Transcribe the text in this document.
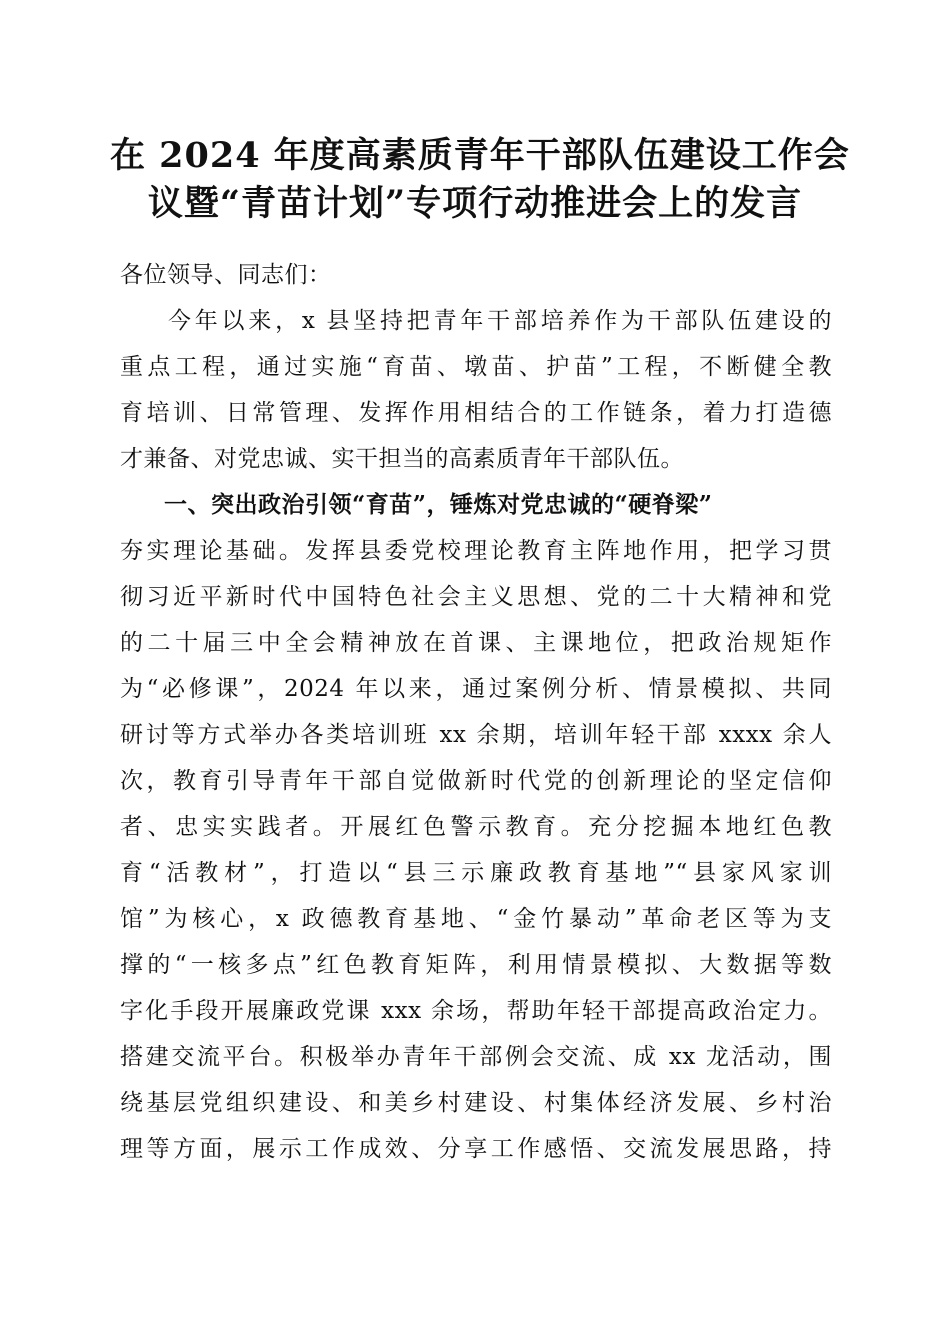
在 2024 年度高素质青年干部队伍建设工作会
议暨“青苗计划”专项行动推进会上的发言
各位领导、同志们：
今年以来，x 县坚持把青年干部培养作为干部队伍建设的
重点工程，通过实施“育苗、墩苗、护苗”工程，不断健全教
育培训、日常管理、发挥作用相结合的工作链条，着力打造德
才兼备、对党忠诚、实干担当的高素质青年干部队伍。
一、突出政治引领“育苗”，锤炼对党忠诚的“硬脊梁”
夯实理论基础。发挥县委党校理论教育主阵地作用，把学习贯
彻习近平新时代中国特色社会主义思想、党的二十大精神和党
的二十届三中全会精神放在首课、主课地位，把政治规矩作
为“必修课”，2024 年以来，通过案例分析、情景模拟、共同
研讨等方式举办各类培训班 xx 余期，培训年轻干部 xxxx 余人
次，教育引导青年干部自觉做新时代党的创新理论的坚定信仰
者、忠实实践者。开展红色警示教育。充分挖掘本地红色教
育“活教材”，打造以“县三示廉政教育基地”“县家风家训
馆”为核心，x 政德教育基地、“金竹暴动”革命老区等为支
撑的“一核多点”红色教育矩阵，利用情景模拟、大数据等数
字化手段开展廉政党课 xxx 余场，帮助年轻干部提高政治定力。
搭建交流平台。积极举办青年干部例会交流、成 xx 龙活动，围
绕基层党组织建设、和美乡村建设、村集体经济发展、乡村治
理等方面，展示工作成效、分享工作感悟、交流发展思路，持
